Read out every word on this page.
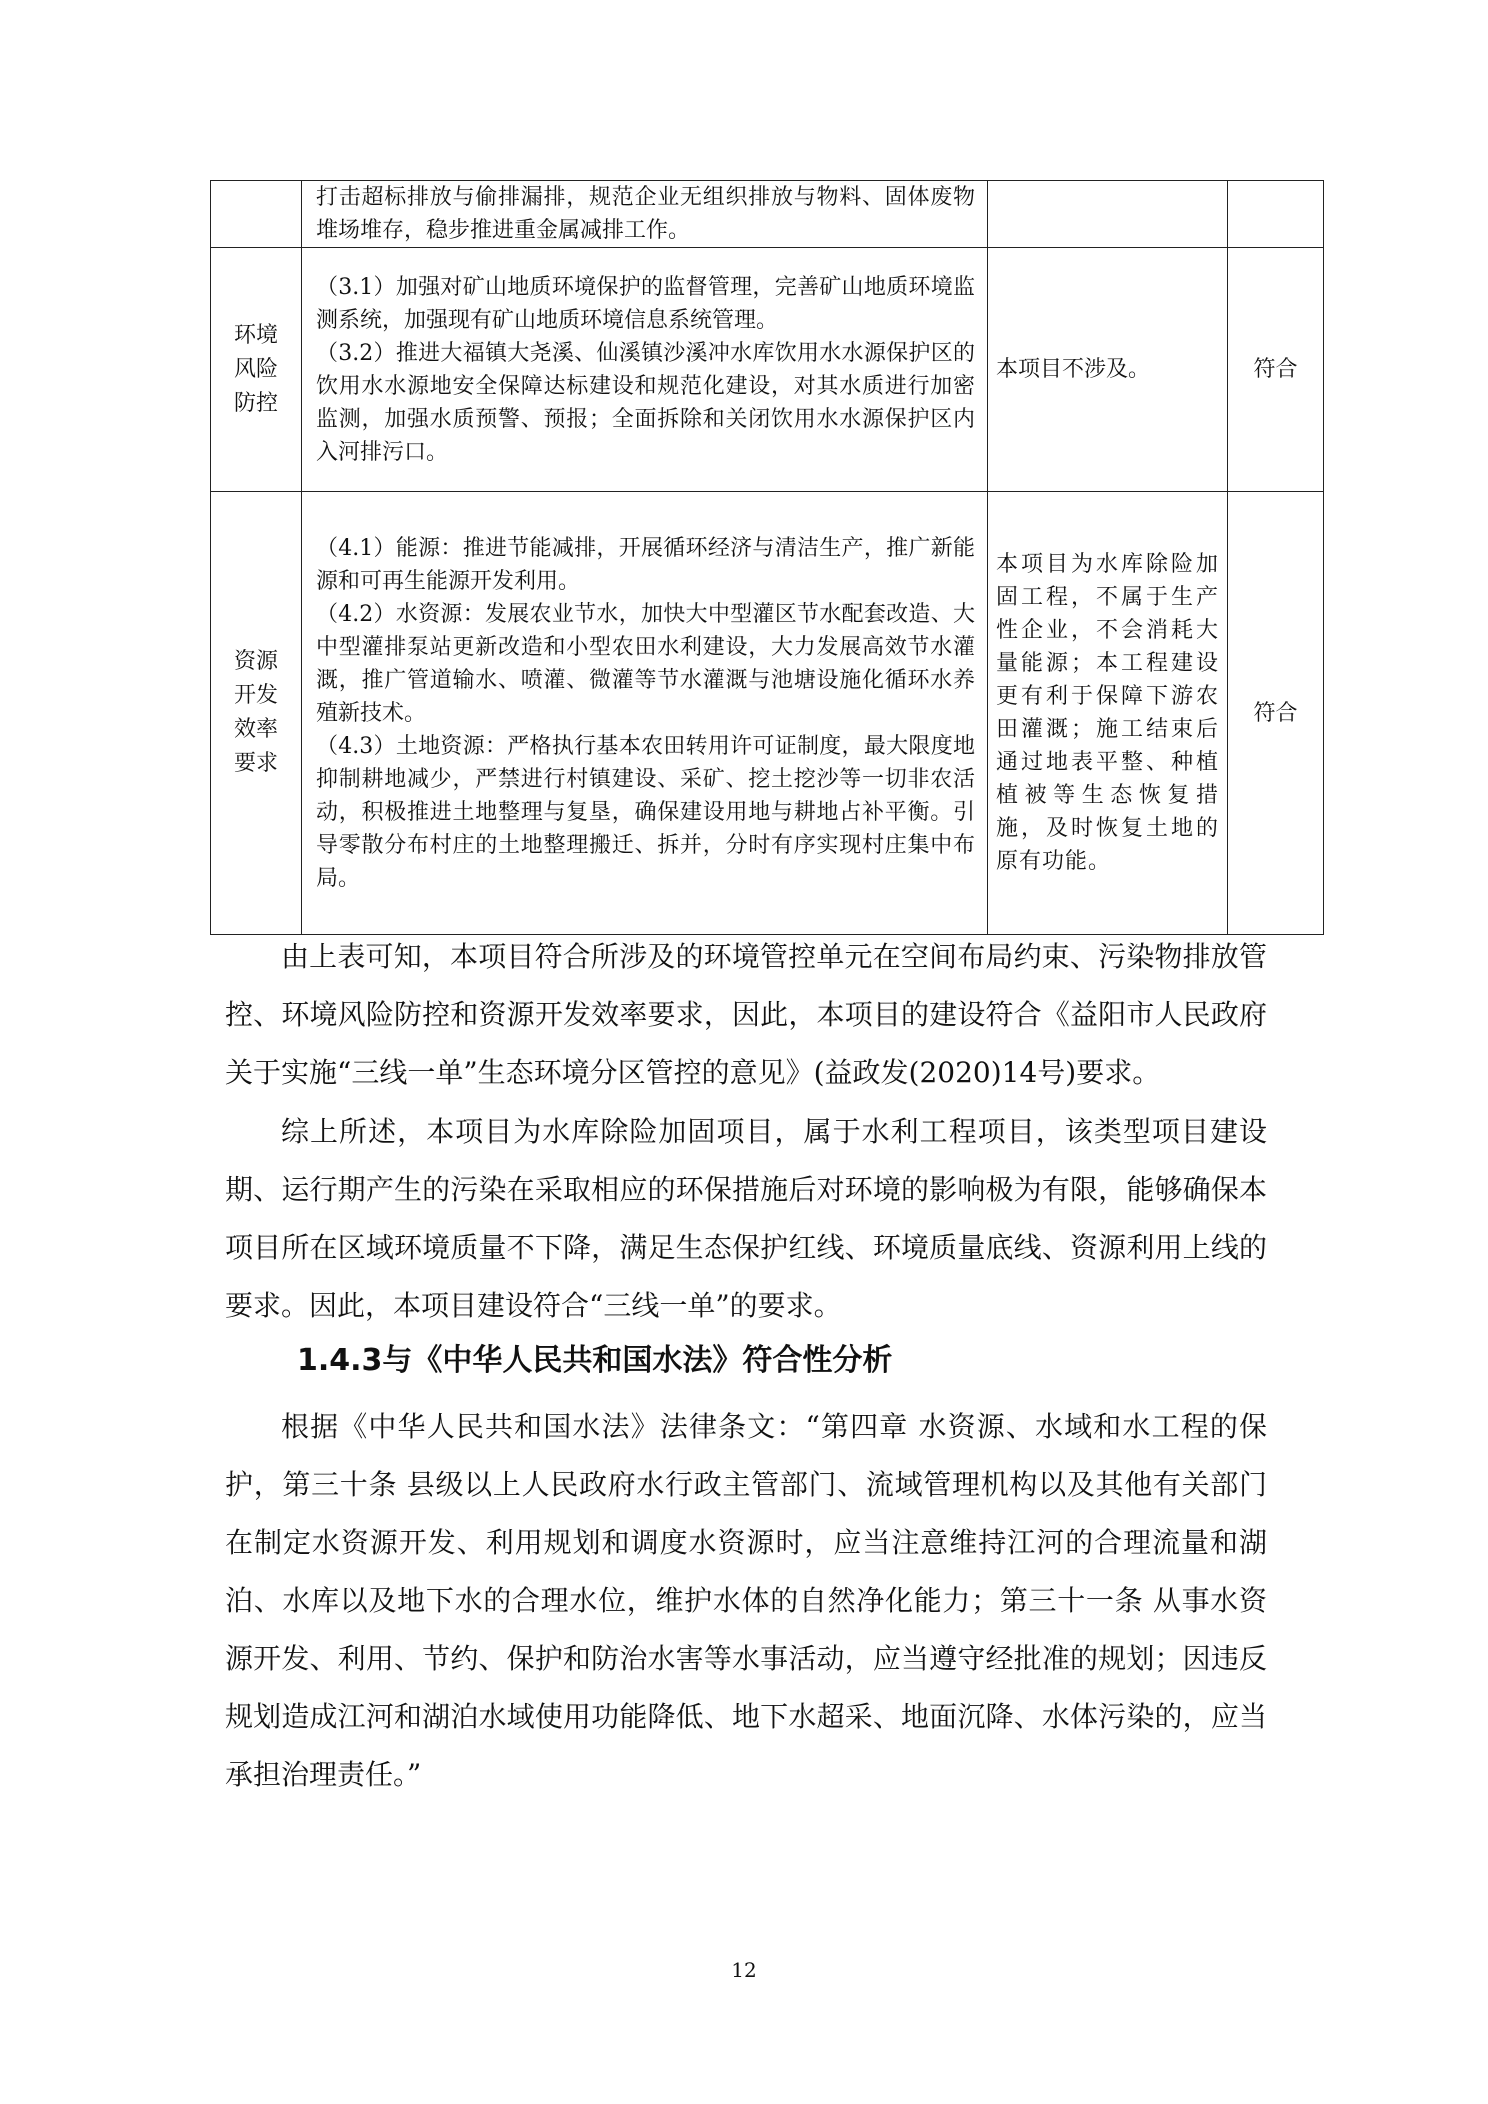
	打击超标排放与偷排漏排，规范企业无组织排放与物料、固体废物堆场堆存，稳步推进重金属减排工作。		

环境风险防控	（3.1）加强对矿山地质环境保护的监督管理，完善矿山地质环境监测系统，加强现有矿山地质环境信息系统管理。
（3.2）推进大福镇大尧溪、仙溪镇沙溪冲水库饮用水水源保护区的饮用水水源地安全保障达标建设和规范化建设，对其水质进行加密监测，加强水质预警、预报；全面拆除和关闭饮用水水源保护区内入河排污口。	本项目不涉及。	符合
资源开发效率要求	（4.1）能源：推进节能减排，开展循环经济与清洁生产，推广新能源和可再生能源开发利用。
（4.2）水资源：发展农业节水，加快大中型灌区节水配套改造、大中型灌排泵站更新改造和小型农田水利建设，大力发展高效节水灌溉，推广管道输水、喷灌、微灌等节水灌溉与池塘设施化循环水养殖新技术。
（4.3）土地资源：严格执行基本农田转用许可证制度，最大限度地抑制耕地减少，严禁进行村镇建设、采矿、挖土挖沙等一切非农活动，积极推进土地整理与复垦，确保建设用地与耕地占补平衡。引导零散分布村庄的土地整理搬迁、拆并，分时有序实现村庄集中布局。	本项目为水库除险加固工程，不属于生产性企业，不会消耗大量能源；本工程建设更有利于保障下游农田灌溉；施工结束后通过地表平整、种植植被等生态恢复措施，及时恢复土地的原有功能。	符合

由上表可知，本项目符合所涉及的环境管控单元在空间布局约束、污染物排放管控、环境风险防控和资源开发效率要求，因此，本项目的建设符合《益阳市人民政府关于实施“三线一单”生态环境分区管控的意见》(益政发(2020)14号)要求。

综上所述，本项目为水库除险加固项目，属于水利工程项目，该类型项目建设期、运行期产生的污染在采取相应的环保措施后对环境的影响极为有限，能够确保本项目所在区域环境质量不下降，满足生态保护红线、环境质量底线、资源利用上线的要求。因此，本项目建设符合“三线一单”的要求。

1.4.3与《中华人民共和国水法》符合性分析

根据《中华人民共和国水法》法律条文：“第四章 水资源、水域和水工程的保护，第三十条 县级以上人民政府水行政主管部门、流域管理机构以及其他有关部门在制定水资源开发、利用规划和调度水资源时，应当注意维持江河的合理流量和湖泊、水库以及地下水的合理水位，维护水体的自然净化能力；第三十一条 从事水资源开发、利用、节约、保护和防治水害等水事活动，应当遵守经批准的规划；因违反规划造成江河和湖泊水域使用功能降低、地下水超采、地面沉降、水体污染的，应当承担治理责任。”

12
